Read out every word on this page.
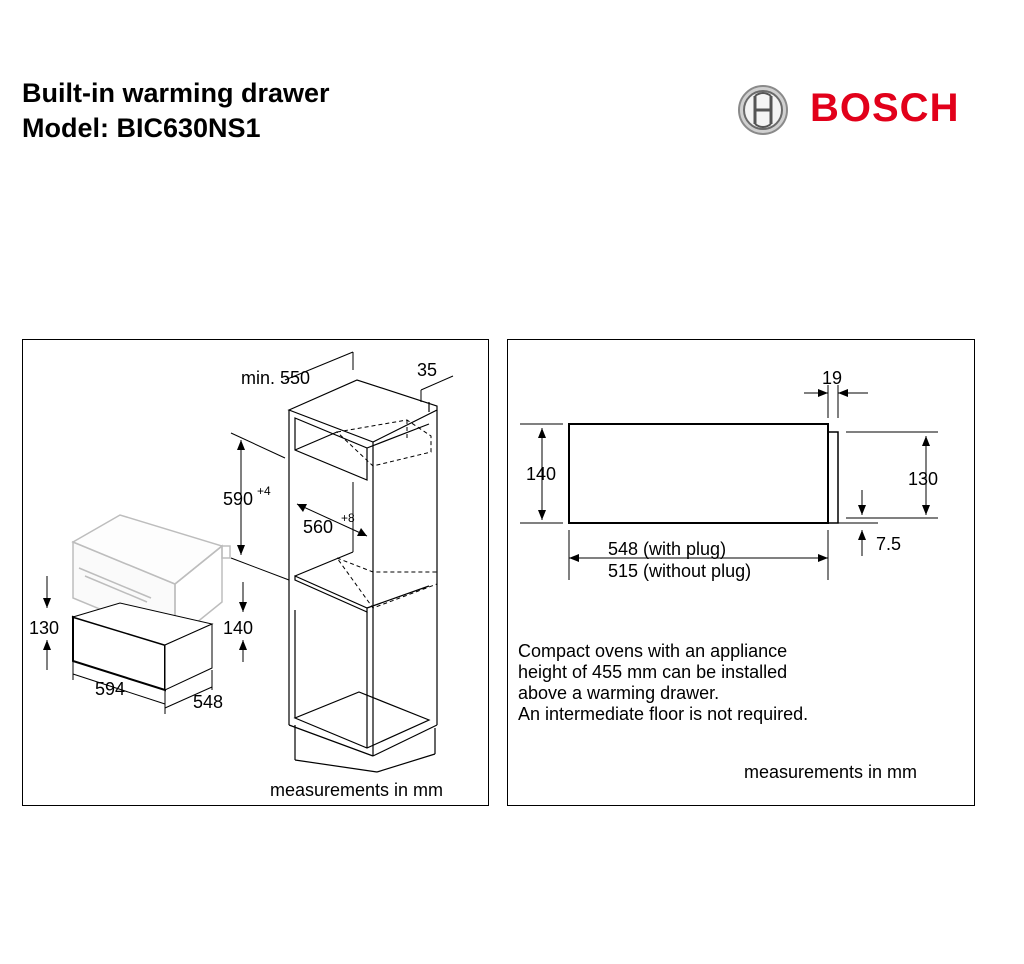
Built-in warming drawer
Model: BIC630NS1	BOSCH
min. 550	35
590 +4
560 +8
130	140
594
548
measurements in mm
19
140	130
7.5
548 (with plug)
515 (without plug)
Compact ovens with an appliance
height of 455 mm can be installed
above a warming drawer.
An intermediate floor is not required.
measurements in mm
